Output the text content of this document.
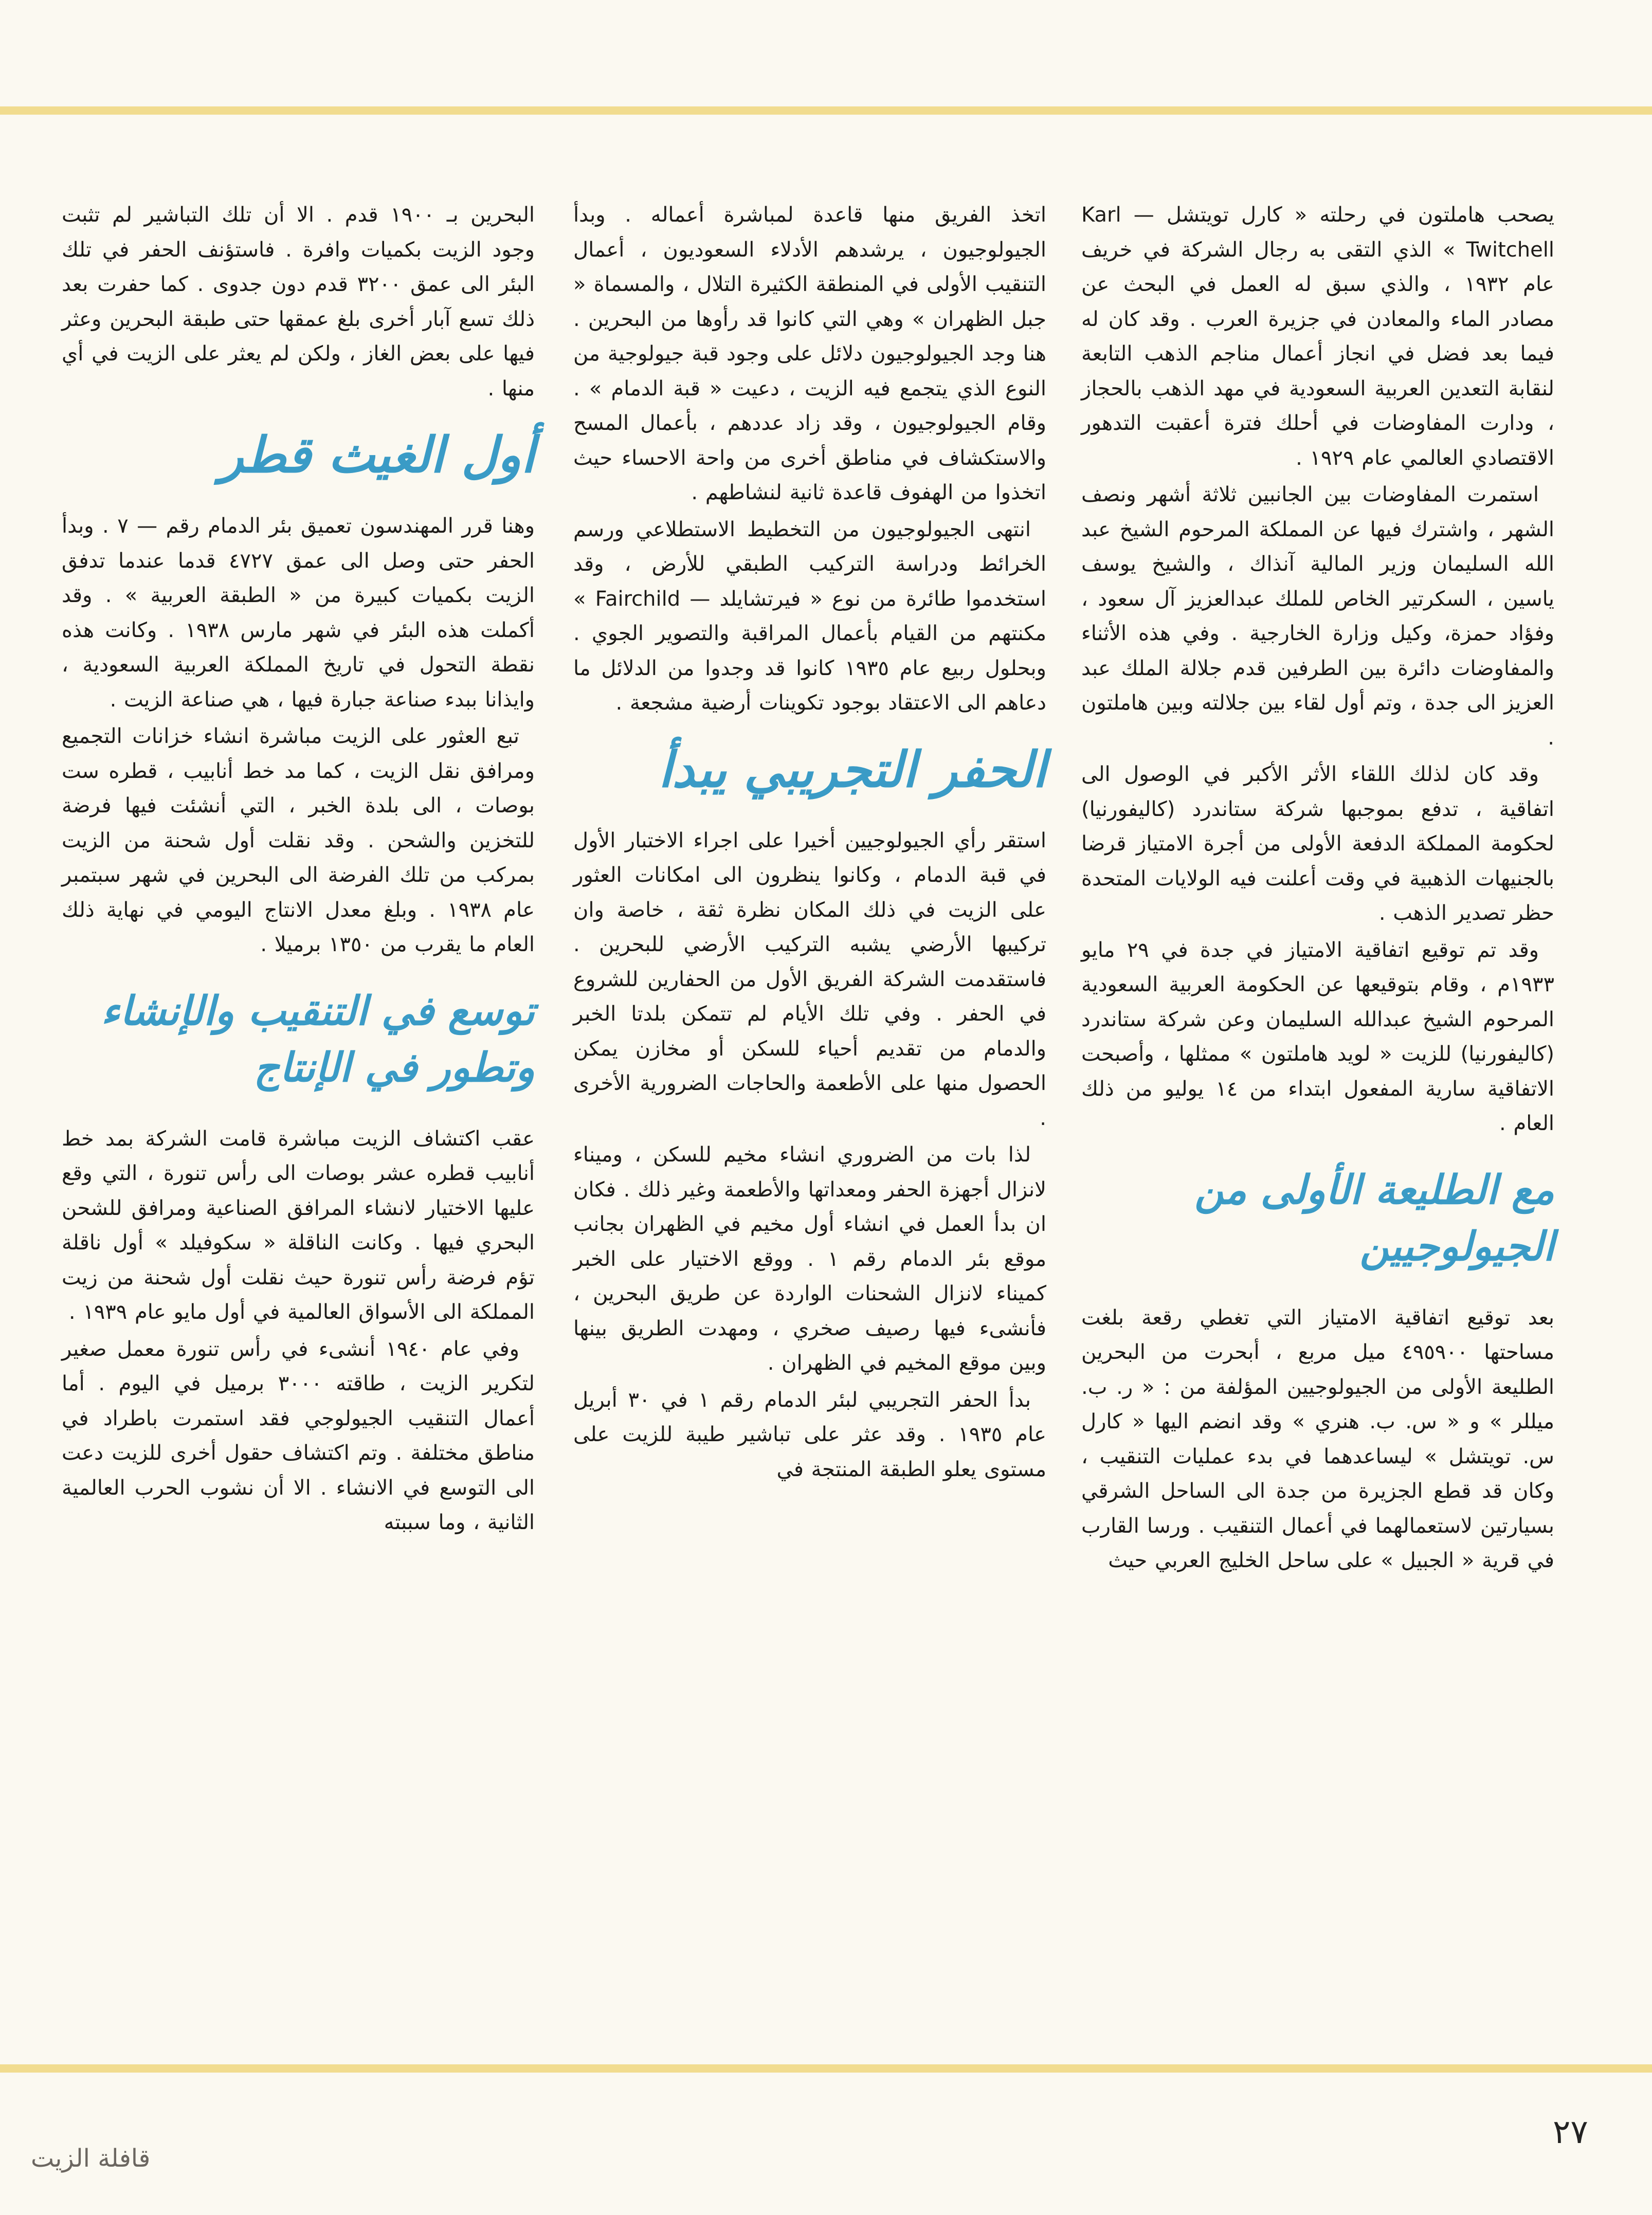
يصحب هاملتون في رحلته « كارل تويتشل — Karl Twitchell » الذي التقى به رجال الشركة في خريف عام ١٩٣٢ ، والذي سبق له العمل في البحث عن مصادر الماء والمعادن في جزيرة العرب . وقد كان له فيما بعد فضل في انجاز أعمال مناجم الذهب التابعة لنقابة التعدين العربية السعودية في مهد الذهب بالحجاز ، ودارت المفاوضات في أحلك فترة أعقبت التدهور الاقتصادي العالمي عام ١٩٢٩ .

استمرت المفاوضات بين الجانبين ثلاثة أشهر ونصف الشهر ، واشترك فيها عن المملكة المرحوم الشيخ عبد الله السليمان وزير المالية آنذاك ، والشيخ يوسف ياسين ، السكرتير الخاص للملك عبدالعزيز آل سعود ، وفؤاد حمزة، وكيل وزارة الخارجية . وفي هذه الأثناء والمفاوضات دائرة بين الطرفين قدم جلالة الملك عبد العزيز الى جدة ، وتم أول لقاء بين جلالته وبين هاملتون .

وقد كان لذلك اللقاء الأثر الأكبر في الوصول الى اتفاقية ، تدفع بموجبها شركة ستاندرد (كاليفورنيا) لحكومة المملكة الدفعة الأولى من أجرة الامتياز قرضا بالجنيهات الذهبية في وقت أعلنت فيه الولايات المتحدة حظر تصدير الذهب .

وقد تم توقيع اتفاقية الامتياز في جدة في ٢٩ مايو ١٩٣٣م ، وقام بتوقيعها عن الحكومة العربية السعودية المرحوم الشيخ عبدالله السليمان وعن شركة ستاندرد (كاليفورنيا) للزيت « لويد هاملتون » ممثلها ، وأصبحت الاتفاقية سارية المفعول ابتداء من ١٤ يوليو من ذلك العام .

مع الطليعة الأولى من الجيولوجيين

بعد توقيع اتفاقية الامتياز التي تغطي رقعة بلغت مساحتها ٤٩٥٩٠٠ ميل مربع ، أبحرت من البحرين الطليعة الأولى من الجيولوجيين المؤلفة من : « ر. ب. ميللر » و « س. ب. هنري » وقد انضم اليها « كارل س. تويتشل » ليساعدهما في بدء عمليات التنقيب ، وكان قد قطع الجزيرة من جدة الى الساحل الشرقي بسيارتين لاستعمالهما في أعمال التنقيب . ورسا القارب في قرية « الجبيل » على ساحل الخليج العربي حيث

اتخذ الفريق منها قاعدة لمباشرة أعماله . وبدأ الجيولوجيون ، يرشدهم الأدلاء السعوديون ، أعمال التنقيب الأولى في المنطقة الكثيرة التلال ، والمسماة « جبل الظهران » وهي التي كانوا قد رأوها من البحرين . هنا وجد الجيولوجيون دلائل على وجود قبة جيولوجية من النوع الذي يتجمع فيه الزيت ، دعيت « قبة الدمام » . وقام الجيولوجيون ، وقد زاد عددهم ، بأعمال المسح والاستكشاف في مناطق أخرى من واحة الاحساء حيث اتخذوا من الهفوف قاعدة ثانية لنشاطهم .

انتهى الجيولوجيون من التخطيط الاستطلاعي ورسم الخرائط ودراسة التركيب الطبقي للأرض ، وقد استخدموا طائرة من نوع « فيرتشايلد — Fairchild » مكنتهم من القيام بأعمال المراقبة والتصوير الجوي . وبحلول ربيع عام ١٩٣٥ كانوا قد وجدوا من الدلائل ما دعاهم الى الاعتقاد بوجود تكوينات أرضية مشجعة .

الحفر التجريبي يبدأ

استقر رأي الجيولوجيين أخيرا على اجراء الاختبار الأول في قبة الدمام ، وكانوا ينظرون الى امكانات العثور على الزيت في ذلك المكان نظرة ثقة ، خاصة وان تركيبها الأرضي يشبه التركيب الأرضي للبحرين . فاستقدمت الشركة الفريق الأول من الحفارين للشروع في الحفر . وفي تلك الأيام لم تتمكن بلدتا الخبر والدمام من تقديم أحياء للسكن أو مخازن يمكن الحصول منها على الأطعمة والحاجات الضرورية الأخرى .

لذا بات من الضروري انشاء مخيم للسكن ، وميناء لانزال أجهزة الحفر ومعداتها والأطعمة وغير ذلك . فكان ان بدأ العمل في انشاء أول مخيم في الظهران بجانب موقع بئر الدمام رقم ١ . ووقع الاختيار على الخبر كميناء لانزال الشحنات الواردة عن طريق البحرين ، فأنشىء فيها رصيف صخري ، ومهدت الطريق بينها وبين موقع المخيم في الظهران .

بدأ الحفر التجريبي لبئر الدمام رقم ١ في ٣٠ أبريل عام ١٩٣٥ . وقد عثر على تباشير طيبة للزيت على مستوى يعلو الطبقة المنتجة في

البحرين بـ ١٩٠٠ قدم . الا أن تلك التباشير لم تثبت وجود الزيت بكميات وافرة . فاستؤنف الحفر في تلك البئر الى عمق ٣٢٠٠ قدم دون جدوى . كما حفرت بعد ذلك تسع آبار أخرى بلغ عمقها حتى طبقة البحرين وعثر فيها على بعض الغاز ، ولكن لم يعثر على الزيت في أي منها .

أول الغيث قطر

وهنا قرر المهندسون تعميق بئر الدمام رقم — ٧ . وبدأ الحفر حتى وصل الى عمق ٤٧٢٧ قدما عندما تدفق الزيت بكميات كبيرة من « الطبقة العربية » . وقد أكملت هذه البئر في شهر مارس ١٩٣٨ . وكانت هذه نقطة التحول في تاريخ المملكة العربية السعودية ، وايذانا ببدء صناعة جبارة فيها ، هي صناعة الزيت .

تبع العثور على الزيت مباشرة انشاء خزانات التجميع ومرافق نقل الزيت ، كما مد خط أنابيب ، قطره ست بوصات ، الى بلدة الخبر ، التي أنشئت فيها فرضة للتخزين والشحن . وقد نقلت أول شحنة من الزيت بمركب من تلك الفرضة الى البحرين في شهر سبتمبر عام ١٩٣٨ . وبلغ معدل الانتاج اليومي في نهاية ذلك العام ما يقرب من ١٣٥٠ برميلا .

توسع في التنقيب والإنشاء وتطور في الإنتاج

عقب اكتشاف الزيت مباشرة قامت الشركة بمد خط أنابيب قطره عشر بوصات الى رأس تنورة ، التي وقع عليها الاختيار لانشاء المرافق الصناعية ومرافق للشحن البحري فيها . وكانت الناقلة « سكوفيلد » أول ناقلة تؤم فرضة رأس تنورة حيث نقلت أول شحنة من زيت المملكة الى الأسواق العالمية في أول مايو عام ١٩٣٩ .

وفي عام ١٩٤٠ أنشىء في رأس تنورة معمل صغير لتكرير الزيت ، طاقته ٣٠٠٠ برميل في اليوم . أما أعمال التنقيب الجيولوجي فقد استمرت باطراد في مناطق مختلفة . وتم اكتشاف حقول أخرى للزيت دعت الى التوسع في الانشاء . الا أن نشوب الحرب العالمية الثانية ، وما سببته

٢٧
قافلة الزيت
